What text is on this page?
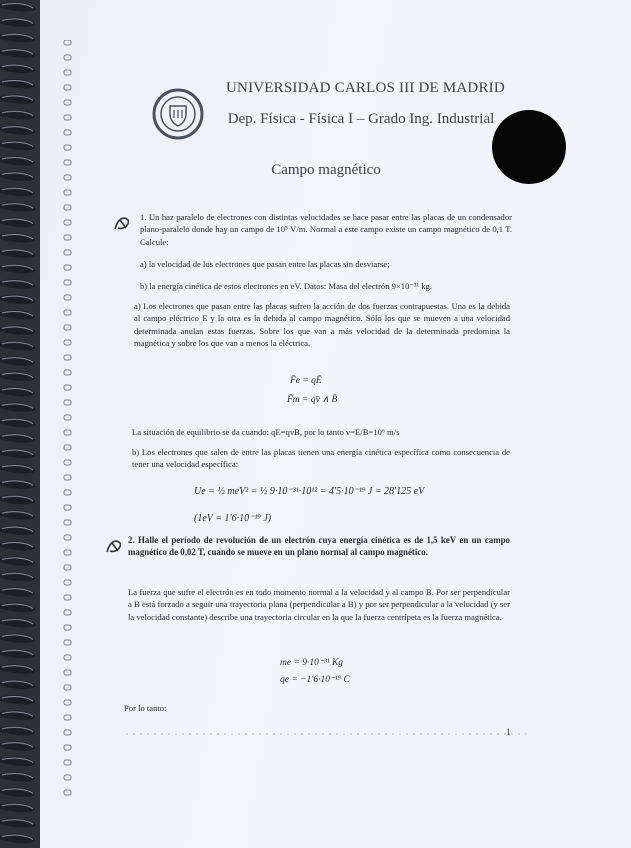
UNIVERSIDAD CARLOS III DE MADRID
Dep. Física - Física I – Grado Ing. Industrial
Campo magnético
1. Un haz paralelo de electrones con distintas velocidades se hace pasar entre las placas de un condensador plano-paralelo donde hay un campo de 10⁵ V/m. Normal a este campo existe un campo magnético de 0,1 T. Calcule:
a) la velocidad de los electrones que pasan entre las placas sin desviarse;
b) la energía cinética de estos electrones en eV. Datos: Masa del electrón 9×10⁻³¹ kg.
a) Los electrones que pasan entre las placas sufren la acción de dos fuerzas contrapuestas. Una es la debida al campo eléctrico E y la otra es la debida al campo magnético. Sólo los que se mueven a una velocidad determinada anulan estas fuerzas. Sobre los que van a más velocidad de la determinada predomina la magnética y sobre los que van a menos la eléctrica.
F̄e = qĒ
F̄m = qv̄ ∧ B̄
La situación de equilibrio se da cuando: qE=qvB, por lo tanto v=E/B=10⁶ m/s
b) Los electrones que salen de entre las placas tienen una energía cinética específica como consecuencia de tener una velocidad específica:
Ue = ½ meV² = ½ 9·10⁻³¹·10¹² = 4'5·10⁻¹⁹ J = 28'125 eV
(1eV = 1'6·10⁻¹⁹ J)
2. Halle el período de revolución de un electrón cuya energía cinética es de 1,5 keV en un campo magnético de 0,02 T, cuando se mueve en un plano normal al campo magnético.
La fuerza que sufre el electrón es en todo momento normal a la velocidad y al campo B. Por ser perpendicular a B está forzado a seguir una trayectoria plana (perpendicular a B) y por ser perpendicular a la velocidad (y ser la velocidad constante) describe una trayectoria circular en la que la fuerza centrípeta es la fuerza magnética.
me = 9·10⁻³¹ Kg
qe = −1'6·10⁻¹⁹ C
Por lo tanto:
1
